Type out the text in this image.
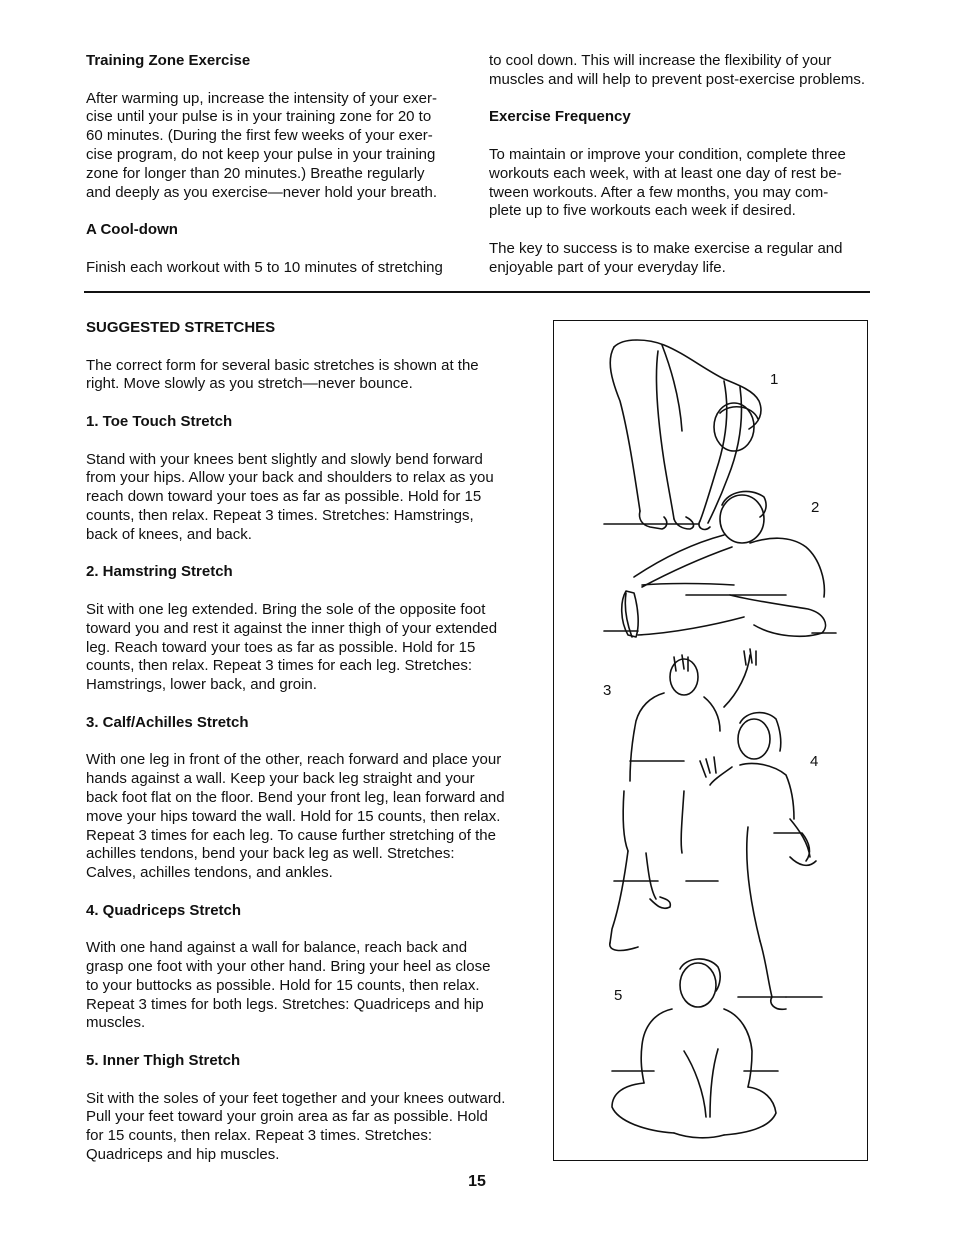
Training Zone Exercise

After warming up, increase the intensity of your exer-

cise until your pulse is in your training zone for 20 to

60 minutes. (During the first few weeks of your exer-

cise program, do not keep your pulse in your training

zone for longer than 20 minutes.) Breathe regularly

and deeply as you exercise—never hold your breath.

A Cool-down

Finish each workout with 5 to 10 minutes of stretching

to cool down. This will increase the flexibility of your

muscles and will help to prevent post-exercise problems.

Exercise Frequency

To maintain or improve your condition, complete three

workouts each week, with at least one day of rest be-

tween workouts. After a few months, you may com-

plete up to five workouts each week if desired.

The key to success is to make exercise a regular and

enjoyable part of your everyday life.

SUGGESTED STRETCHES

The correct form for several basic stretches is shown at the

right. Move slowly as you stretch—never bounce.

1. Toe Touch Stretch

Stand with your knees bent slightly and slowly bend forward

from your hips. Allow your back and shoulders to relax as you

reach down toward your toes as far as possible. Hold for 15

counts, then relax. Repeat 3 times. Stretches: Hamstrings,

back of knees, and back.

2. Hamstring Stretch

Sit with one leg extended. Bring the sole of the opposite foot

toward you and rest it against the inner thigh of your extended

leg. Reach toward your toes as far as possible. Hold for 15

counts, then relax. Repeat 3 times for each leg. Stretches:

Hamstrings, lower back, and groin.

3. Calf/Achilles Stretch

With one leg in front of the other, reach forward and place your

hands against a wall. Keep your back leg straight and your

back foot flat on the floor. Bend your front leg, lean forward and

move your hips toward the wall. Hold for 15 counts, then relax.

Repeat 3 times for each leg. To cause further stretching of the

achilles tendons, bend your back leg as well. Stretches:

Calves, achilles tendons, and ankles.

4. Quadriceps Stretch

With one hand against a wall for balance, reach back and

grasp one foot with your other hand. Bring your heel as close

to your buttocks as possible. Hold for 15 counts, then relax.

Repeat 3 times for both legs. Stretches: Quadriceps and hip

muscles.

5. Inner Thigh Stretch

Sit with the soles of your feet together and your knees outward.

Pull your feet toward your groin area as far as possible. Hold

for 15 counts, then relax. Repeat 3 times. Stretches:

Quadriceps and hip muscles.

1
2
3
4
5
15
